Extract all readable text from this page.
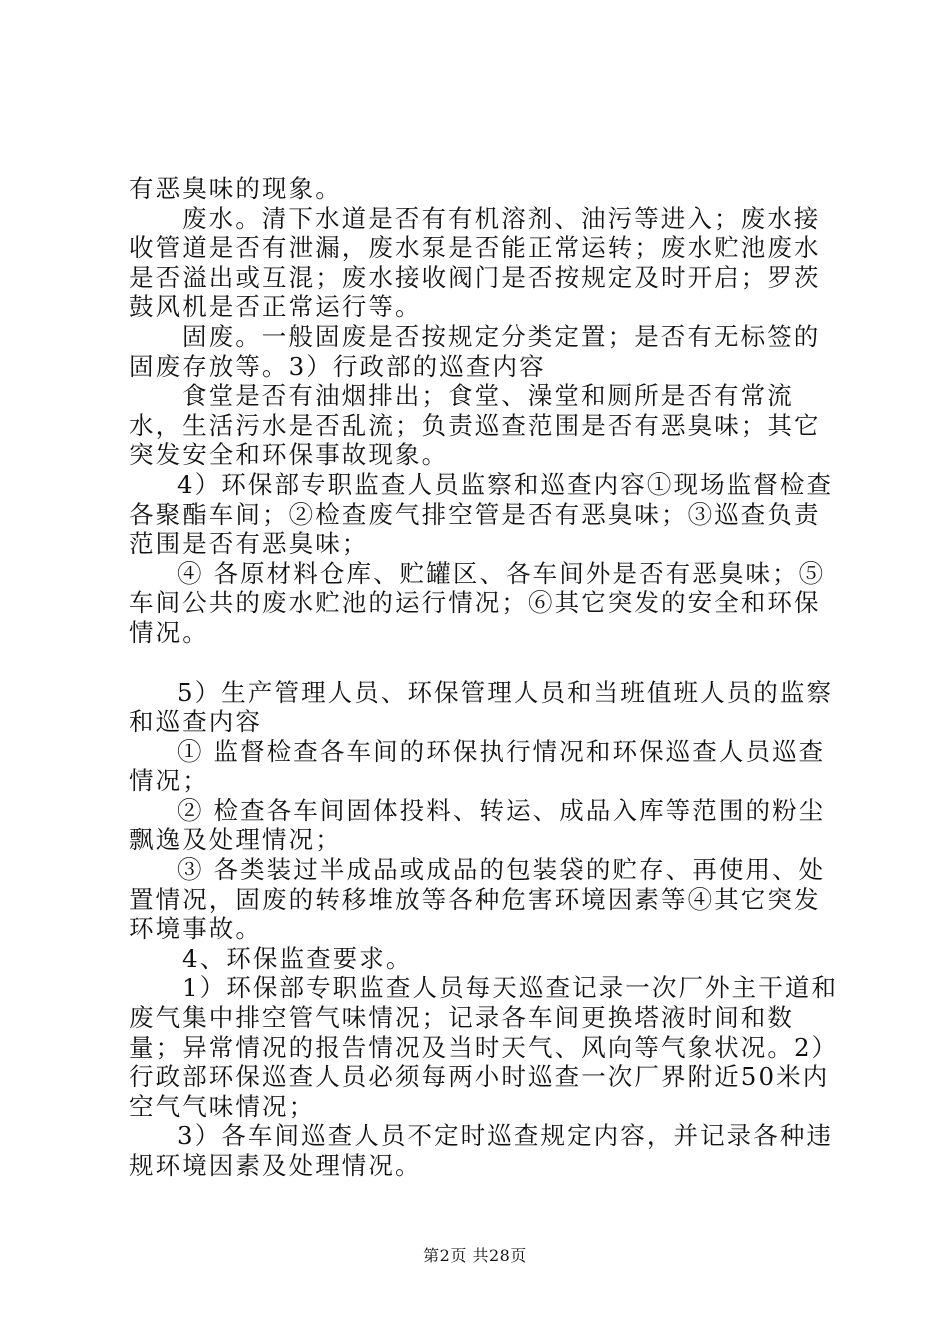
有恶臭味的现象。

废水。清下水道是否有有机溶剂、油污等进入；废水接收管道是否有泄漏，废水泵是否能正常运转；废水贮池废水是否溢出或互混；废水接收阀门是否按规定及时开启；罗茨鼓风机是否正常运行等。

固废。一般固废是否按规定分类定置；是否有无标签的固废存放等。3）行政部的巡查内容

食堂是否有油烟排出；食堂、澡堂和厕所是否有常流水，生活污水是否乱流；负责巡查范围是否有恶臭味；其它突发安全和环保事故现象。

4）环保部专职监查人员监察和巡查内容①现场监督检查各聚酯车间；②检查废气排空管是否有恶臭味；③巡查负责范围是否有恶臭味；

④ 各原材料仓库、贮罐区、各车间外是否有恶臭味；⑤车间公共的废水贮池的运行情况；⑥其它突发的安全和环保情况。

5）生产管理人员、环保管理人员和当班值班人员的监察和巡查内容

① 监督检查各车间的环保执行情况和环保巡查人员巡查情况；

② 检查各车间固体投料、转运、成品入库等范围的粉尘飘逸及处理情况；

③ 各类装过半成品或成品的包装袋的贮存、再使用、处置情况，固废的转移堆放等各种危害环境因素等④其它突发环境事故。

4、环保监查要求。

1）环保部专职监查人员每天巡查记录一次厂外主干道和废气集中排空管气味情况；记录各车间更换塔液时间和数量；异常情况的报告情况及当时天气、风向等气象状况。2）行政部环保巡查人员必须每两小时巡查一次厂界附近50米内空气气味情况；

3）各车间巡查人员不定时巡查规定内容，并记录各种违规环境因素及处理情况。

第2页 共28页
